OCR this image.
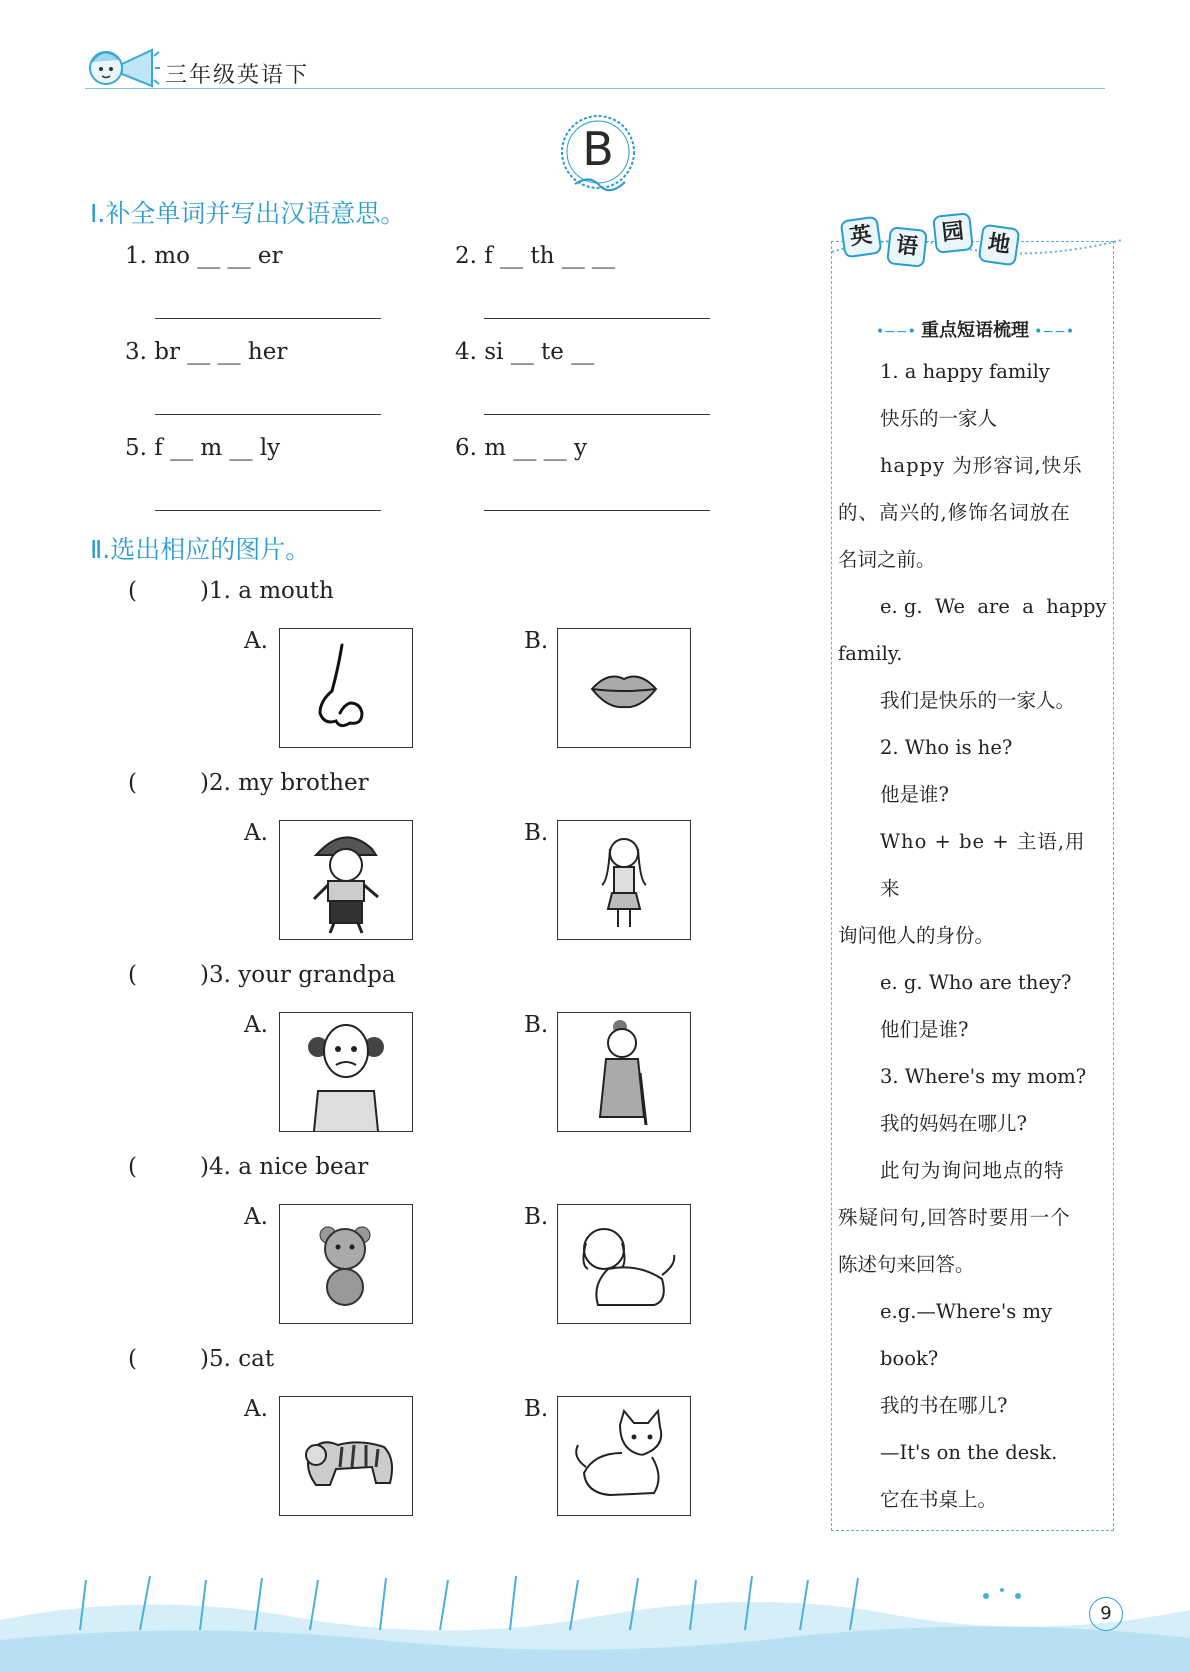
三年级英语下
B
Ⅰ.补全单词并写出汉语意思。
1. mo __ __ er	2. f __ th __ __
3. br __ __ her	4. si __ te __
5. f __ m __ ly	6. m __ __ y
Ⅱ.选出相应的图片。
(	)1. a mouth
A.	B.
(	)2. my brother
A.	B.
(	)3. your grandpa
A.	B.
(	)4. a nice bear
A.	B.
(	)5. cat
A.	B.
英 语
园 地
•−−• 重点短语梳理 •−−•
1. a happy family
快乐的一家人
happy 为形容词,快乐
的、高兴的,修饰名词放在
名词之前。
e. g.  We  are  a  happy
family.
我们是快乐的一家人。
2. Who is he?
他是谁?
Who + be + 主语,用来
询问他人的身份。
e. g. Who are they?
他们是谁?
3. Where's my mom?
我的妈妈在哪儿?
此句为询问地点的特
殊疑问句,回答时要用一个
陈述句来回答。
e.g.—Where's my book?
我的书在哪儿?
—It's on the desk.
它在书桌上。
9
